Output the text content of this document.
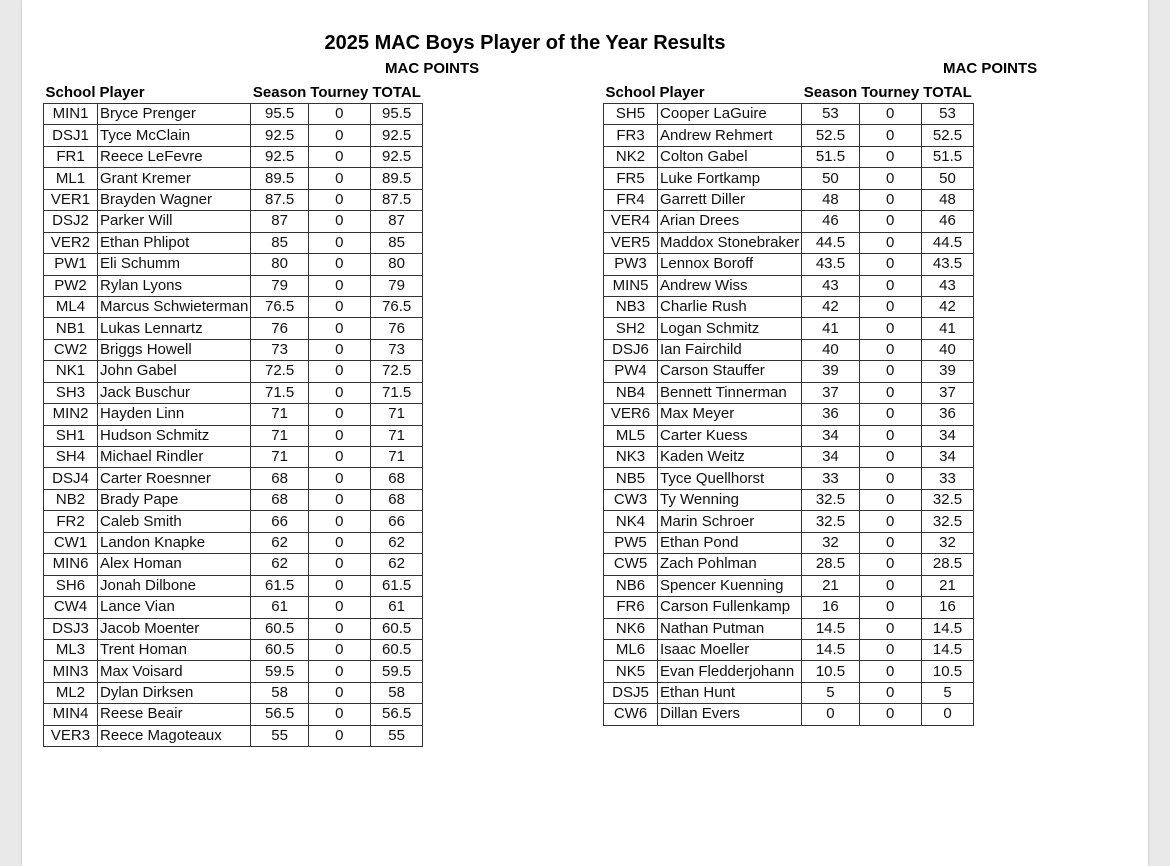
2025 MAC Boys Player of the Year Results
MAC POINTS
School	Player	Season	Tourney	TOTAL
MIN1	Bryce Prenger	95.5	0	95.5
DSJ1	Tyce McClain	92.5	0	92.5
FR1	Reece LeFevre	92.5	0	92.5
ML1	Grant Kremer	89.5	0	89.5
VER1	Brayden Wagner	87.5	0	87.5
DSJ2	Parker Will	87	0	87
VER2	Ethan Phlipot	85	0	85
PW1	Eli Schumm	80	0	80
PW2	Rylan Lyons	79	0	79
ML4	Marcus Schwieterman	76.5	0	76.5
NB1	Lukas Lennartz	76	0	76
CW2	Briggs Howell	73	0	73
NK1	John Gabel	72.5	0	72.5
SH3	Jack Buschur	71.5	0	71.5
MIN2	Hayden Linn	71	0	71
SH1	Hudson Schmitz	71	0	71
SH4	Michael Rindler	71	0	71
DSJ4	Carter Roesnner	68	0	68
NB2	Brady Pape	68	0	68
FR2	Caleb Smith	66	0	66
CW1	Landon Knapke	62	0	62
MIN6	Alex Homan	62	0	62
SH6	Jonah Dilbone	61.5	0	61.5
CW4	Lance Vian	61	0	61
DSJ3	Jacob Moenter	60.5	0	60.5
ML3	Trent Homan	60.5	0	60.5
MIN3	Max Voisard	59.5	0	59.5
ML2	Dylan Dirksen	58	0	58
MIN4	Reese Beair	56.5	0	56.5
VER3	Reece Magoteaux	55	0	55
MAC POINTS
School	Player	Season	Tourney	TOTAL
SH5	Cooper LaGuire	53	0	53
FR3	Andrew Rehmert	52.5	0	52.5
NK2	Colton Gabel	51.5	0	51.5
FR5	Luke Fortkamp	50	0	50
FR4	Garrett Diller	48	0	48
VER4	Arian Drees	46	0	46
VER5	Maddox Stonebraker	44.5	0	44.5
PW3	Lennox Boroff	43.5	0	43.5
MIN5	Andrew Wiss	43	0	43
NB3	Charlie Rush	42	0	42
SH2	Logan Schmitz	41	0	41
DSJ6	Ian Fairchild	40	0	40
PW4	Carson Stauffer	39	0	39
NB4	Bennett Tinnerman	37	0	37
VER6	Max Meyer	36	0	36
ML5	Carter Kuess	34	0	34
NK3	Kaden Weitz	34	0	34
NB5	Tyce Quellhorst	33	0	33
CW3	Ty Wenning	32.5	0	32.5
NK4	Marin Schroer	32.5	0	32.5
PW5	Ethan Pond	32	0	32
CW5	Zach Pohlman	28.5	0	28.5
NB6	Spencer Kuenning	21	0	21
FR6	Carson Fullenkamp	16	0	16
NK6	Nathan Putman	14.5	0	14.5
ML6	Isaac Moeller	14.5	0	14.5
NK5	Evan Fledderjohann	10.5	0	10.5
DSJ5	Ethan Hunt	5	0	5
CW6	Dillan Evers	0	0	0
